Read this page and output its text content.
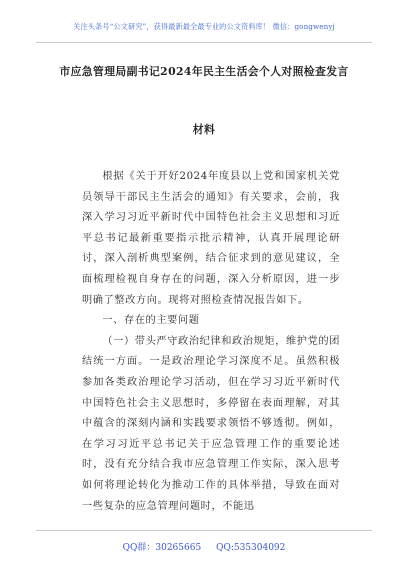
关注头条号“公文研究”，获得最新最全最专业的公文资料库！ 微信：gongwenyj
市应急管理局副书记2024年民主生活会个人对照检查发言
材料

根据《关于开好2024年度县以上党和国家机关党员领导干部民主生活会的通知》有关要求，会前，我深入学习习近平新时代中国特色社会主义思想和习近平总书记最新重要指示批示精神，认真开展理论研讨，深入剖析典型案例，结合征求到的意见建议，全面梳理检视自身存在的问题，深入分析原因，进一步明确了整改方向。现将对照检查情况报告如下。

一、存在的主要问题

（一）带头严守政治纪律和政治规矩，维护党的团结统一方面。一是政治理论学习深度不足。虽然积极参加各类政治理论学习活动，但在学习习近平新时代中国特色社会主义思想时，多停留在表面理解，对其中蕴含的深刻内涵和实践要求领悟不够透彻。例如，在学习习近平总书记关于应急管理工作的重要论述时，没有充分结合我市应急管理工作实际，深入思考如何将理论转化为推动工作的具体举措，导致在面对一些复杂的应急管理问题时，不能迅

QQ群：30265665 QQ:535304092
